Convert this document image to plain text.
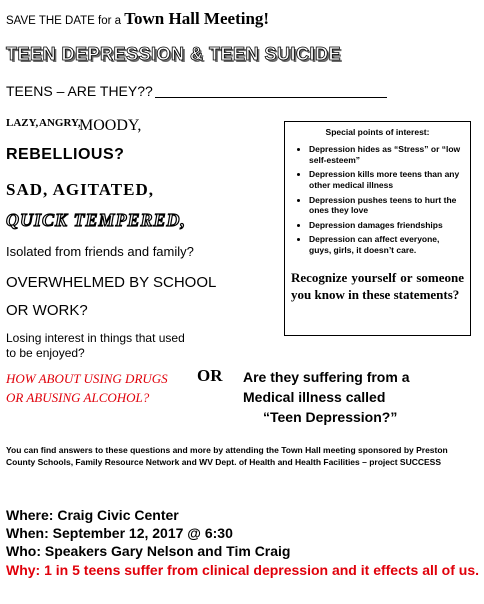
SAVE THE DATE for a Town Hall Meeting!
TEEN DEPRESSION & TEEN SUICIDE
TEENS – ARE THEY??
LAZY, ANGRY,
MOODY,
REBELLIOUS?
SAD, AGITATED,
QUICK TEMPERED,
Isolated from friends and family?
OVERWHELMED BY SCHOOL
OR WORK?
Losing interest in things that used
to be enjoyed?
HOW ABOUT USING DRUGS
OR ABUSING ALCOHOL?
OR Are they suffering from a
Medical illness called
“Teen Depression?”
Special points of interest:
• Depression hides as “Stress” or “low self-esteem”
• Depression kills more teens than any other medical illness
• Depression pushes teens to hurt the ones they love
• Depression damages friendships
• Depression can affect everyone, guys, girls, it doesn’t care.
Recognize yourself or someone you know in these statements?
You can find answers to these questions and more by attending the Town Hall meeting sponsored by Preston County Schools, Family Resource Network and WV Dept. of Health and Health Facilities – project SUCCESS
Where: Craig Civic Center
When: September 12, 2017 @ 6:30
Who: Speakers Gary Nelson and Tim Craig
Why: 1 in 5 teens suffer from clinical depression and it effects all of us.
